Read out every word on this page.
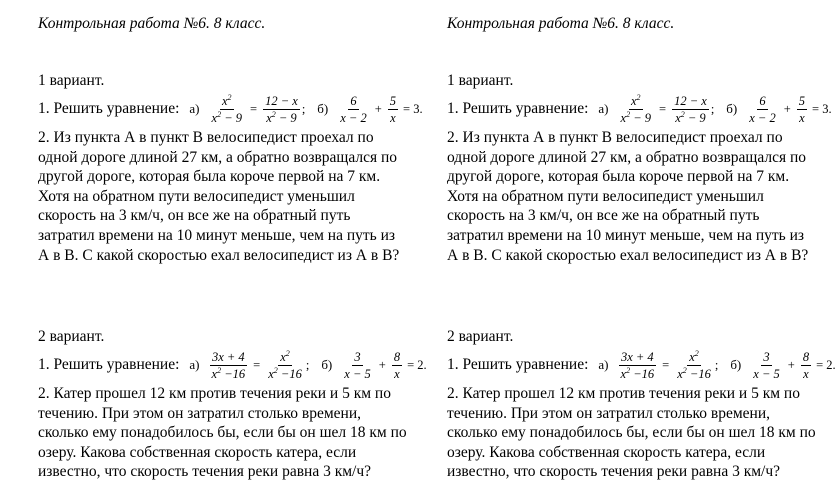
Контрольная работа №6. 8 класс.
1 вариант.
1. Решить уравнение: $а) \frac{x^2}{x^2 - 9} = \frac{12 - x}{x^2 - 9}$ ; $б) \frac{6}{x - 2} + \frac{5}{x} = 3$.
2. Из пункта А в пункт В велосипедист проехал по одной дороге длиной 27 км, а обратно возвращался по другой дороге, которая была короче первой на 7 км. Хотя на обратном пути велосипедист уменьшил скорость на 3 км/ч, он все же на обратный путь затратил времени на 10 минут меньше, чем на путь из А в В. С какой скоростью ехал велосипедист из А в В?
2 вариант.
1. Решить уравнение: $а) \frac{3x + 4}{x^2 -16} = \frac{x^2}{x^2 -16}$ ; $б) \frac{3}{x - 5} + \frac{8}{x} = 2$.
2. Катер прошел 12 км против течения реки и 5 км по течению. При этом он затратил столько времени, сколько ему понадобилось бы, если бы он шел 18 км по озеру. Какова собственная скорость катера, если известно, что скорость течения реки равна 3 км/ч?
Контрольная работа №6. 8 класс.
1 вариант.
1. Решить уравнение: $а) \frac{x^2}{x^2 - 9} = \frac{12 - x}{x^2 - 9}$ ; $б) \frac{6}{x - 2} + \frac{5}{x} = 3$.
2. Из пункта А в пункт В велосипедист проехал по одной дороге длиной 27 км, а обратно возвращался по другой дороге, которая была короче первой на 7 км. Хотя на обратном пути велосипедист уменьшил скорость на 3 км/ч, он все же на обратный путь затратил времени на 10 минут меньше, чем на путь из А в В. С какой скоростью ехал велосипедист из А в В?
2 вариант.
1. Решить уравнение: $а) \frac{3x + 4}{x^2 -16} = \frac{x^2}{x^2 -16}$ ; $б) \frac{3}{x - 5} + \frac{8}{x} = 2$.
2. Катер прошел 12 км против течения реки и 5 км по течению. При этом он затратил столько времени, сколько ему понадобилось бы, если бы он шел 18 км по озеру. Какова собственная скорость катера, если известно, что скорость течения реки равна 3 км/ч?
